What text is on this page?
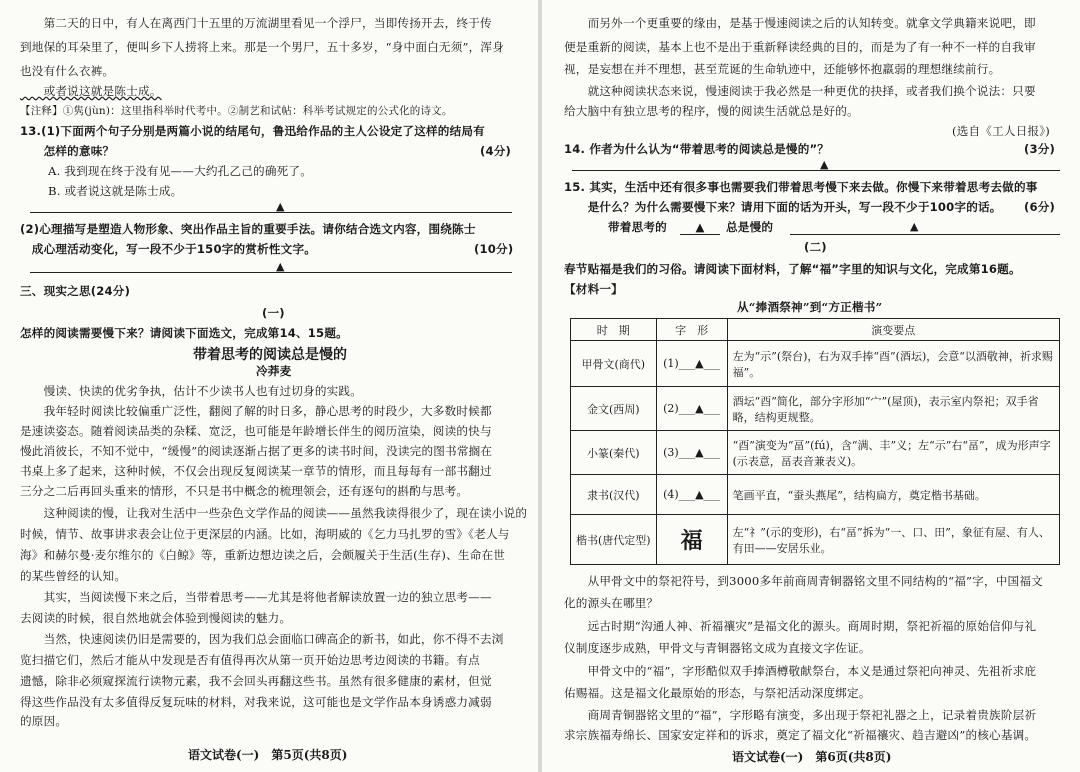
　　第二天的日中，有人在离西门十五里的万流湖里看见一个浮尸，当即传扬开去，终于传
到地保的耳朵里了，便叫乡下人捞将上来。那是一个男尸，五十多岁，“身中面白无须”，浑身
也没有什么衣裤。
　　或者说这就是陈士成。
【注释】①隽(jùn)：这里指科举时代考中。②制艺和试帖：科举考试规定的公式化的诗文。
13.(1)下面两个句子分别是两篇小说的结尾句，鲁迅给作品的主人公设定了这样的结局有
　　怎样的意味？	(4分)
A. 我到现在终于没有见——大约孔乙己的确死了。
B. 或者说这就是陈士成。
▲
(2)心理描写是塑造人物形象、突出作品主旨的重要手法。请你结合选文内容，围绕陈士
　成心理活动变化，写一段不少于150字的赏析性文字。	(10分)
▲
三、现实之思(24分)
(一)
怎样的阅读需要慢下来？请阅读下面选文，完成第14、15题。
带着思考的阅读总是慢的
冷莽麦
　　慢读、快读的优劣争执，估计不少读书人也有过切身的实践。
　　我年轻时阅读比较偏重广泛性，翻阅了解的时日多，静心思考的时段少，大多数时候都
是速读姿态。随着阅读品类的杂糅、宽泛，也可能是年龄增长伴生的阅历渲染，阅读的快与
慢此消彼长，不知不觉中，“缓慢”的阅读逐渐占据了更多的读书时间，没读完的图书常搁在
书桌上多了起来，这种时候，不仅会出现反复阅读某一章节的情形，而且每每有一部书翻过
三分之二后再回头重来的情形，不只是书中概念的梳理领会，还有逐句的斟酌与思考。
　　这种阅读的慢，让我对生活中一些杂色文学作品的阅读——虽然我读得很少了，现在读小说的
时候，情节、故事讲求表会让位于更深层的内涵。比如，海明威的《乞力马扎罗的雪》《老人与
海》和赫尔曼·麦尔维尔的《白鲸》等，重新边想边读之后，会颇履关于生活(生存)、生命在世
的某些曾经的认知。
　　其实，当阅读慢下来之后，当带着思考——尤其是将他者解读放置一边的独立思考——
去阅读的时候，很自然地就会体验到慢阅读的魅力。
　　当然，快速阅读仍旧是需要的，因为我们总会面临口碑高企的新书，如此，你不得不去浏
览扫描它们，然后才能从中发现是否有值得再次从第一页开始边思考边阅读的书籍。有点
遗憾，除非必须窥探流行读物元素，我不会回头再翻这些书。虽然有很多健康的素材，但觉
得这些作品没有太多值得反复玩味的材料，对我来说，这可能也是文学作品本身诱惑力减弱
的原因。
语文试卷(一)　第5页(共8页)
　　而另外一个更重要的缘由，是基于慢速阅读之后的认知转变。就拿文学典籍来说吧，即
便是重新的阅读，基本上也不是出于重新释读经典的目的，而是为了有一种不一样的自我审
视，是妄想在并不理想，甚至荒诞的生命轨迹中，还能够怀抱羸弱的理想继续前行。
　　就这种阅读状态来说，慢速阅读于我必然是一种更优的抉择，或者我们换个说法：只要
给大脑中有独立思考的程序，慢的阅读生活就总是好的。
(选自《工人日报》)
14. 作者为什么认为“带着思考的阅读总是慢的”？	(3分)
▲
15. 其实，生活中还有很多事也需要我们带着思考慢下来去做。你慢下来带着思考去做的事
　　是什么？为什么需要慢下来？请用下面的话为开头，写一段不少于100字的话。 (6分)
带着思考的	▲	总是慢的	▲
(二)
春节贴福是我们的习俗。请阅读下面材料，了解“福”字里的知识与文化，完成第16题。
【材料一】
从“捧酒祭神”到“方正楷书”
时　期	字　形	演变要点
甲骨文(商代)	(1)___▲___	左为“示”(祭台)，右为双手捧“酉”(酒坛)，会意“以酒敬神，祈求赐福”。
金文(西周)	(2)___▲___	酒坛“酉”简化，部分字形加“宀”(屋顶)，表示室内祭祀；双手省略，结构更规整。
小篆(秦代)	(3)___▲___	“酉”演变为“畐”(fú)，含“满、丰”义；左“示”右“畐”，成为形声字(示表意，畐表音兼表义)。
隶书(汉代)	(4)___▲___	笔画平直，“蚕头燕尾”，结构扁方，奠定楷书基础。
楷书(唐代定型)	福	左“礻”(示的变形)，右“畐”拆为“一、口、田”，象征有屋、有人、有田——安居乐业。
　　从甲骨文中的祭祀符号，到3000多年前商周青铜器铭文里不同结构的“福”字，中国福文
化的源头在哪里？
　　远古时期“沟通人神、祈福禳灾”是福文化的源头。商周时期，祭祀祈福的原始信仰与礼
仪制度逐步成熟，甲骨文与青铜器铭文成为直接文字佐证。
　　甲骨文中的“福”，字形酷似双手捧酒樽敬献祭台，本义是通过祭祀向神灵、先祖祈求庇
佑赐福。这是福文化最原始的形态，与祭祀活动深度绑定。
　　商周青铜器铭文里的“福”，字形略有演变，多出现于祭祀礼器之上，记录着贵族阶层祈
求宗族福寿绵长、国家安定祥和的诉求，奠定了福文化“祈福禳灾、趋吉避凶”的核心基调。
语文试卷(一)　第6页(共8页)
